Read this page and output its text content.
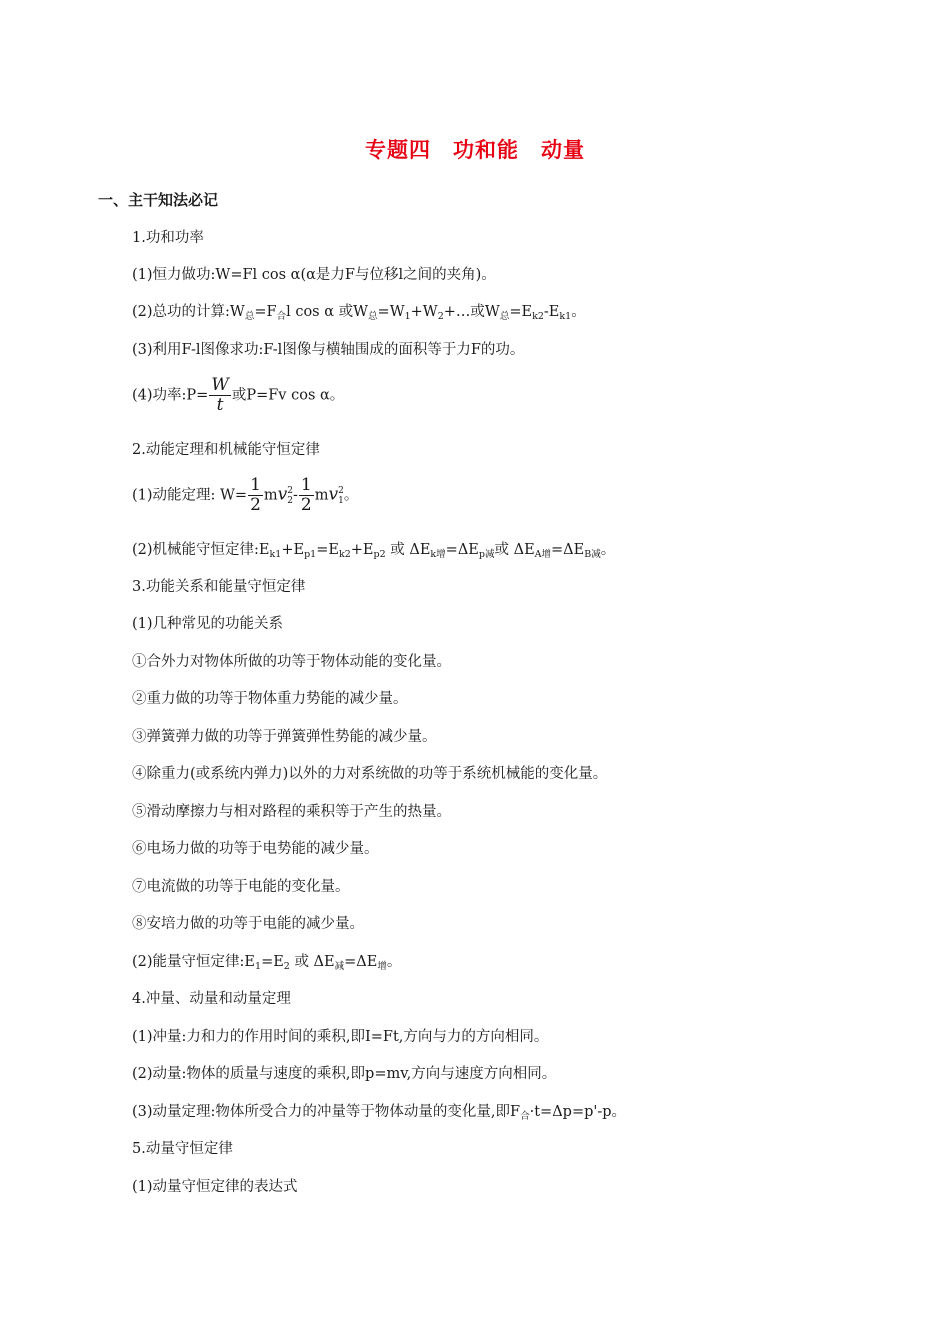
专题四 功和能 动量
一、主干知法必记
1.功和功率
(1)恒力做功:W=Fl cos α(α是力F与位移l之间的夹角)。
(2)总功的计算$:W_总=F_合l$ cos α 或$W_总=W_1+W_2+\dots$或$W_总=E_{k2}-E_{k1}$。
(3)利用F-l图像求功:F-l图像与横轴围成的面积等于力F的功。
(4)功率:P= $\frac{W}{t}$ 或P=Fv cos α。
2.动能定理和机械能守恒定律
(1)动能定理: $W= \frac{1}{2}$ mv 2
$2 - \frac{1}{2}$ mv 2
1 。
(2)机械能守恒定律$:E_{k1}+E_{p1}=E_{k2}+E_{p2}$ 或 $\Delta E_{k增}=\Delta E_{p减}$或 $\Delta E_{A增}=\Delta E_{B减}$。
3.功能关系和能量守恒定律
(1)几种常见的功能关系
①合外力对物体所做的功等于物体动能的变化量。
②重力做的功等于物体重力势能的减少量。
③弹簧弹力做的功等于弹簧弹性势能的减少量。
④除重力(或系统内弹力)以外的力对系统做的功等于系统机械能的变化量。
⑤滑动摩擦力与相对路程的乘积等于产生的热量。
⑥电场力做的功等于电势能的减少量。
⑦电流做的功等于电能的变化量。
⑧安培力做的功等于电能的减少量。
(2)能量守恒定律$:E_1=E_2$ 或 $\Delta E_减=\Delta E_增$。
4.冲量、动量和动量定理
(1)冲量:力和力的作用时间的乘积,即I=Ft,方向与力的方向相同。
(2)动量:物体的质量与速度的乘积,即p=mv,方向与速度方向相同。
(3)动量定理:物体所受合力的冲量等于物体动量的变化量,即$F_合\cdot t=\Delta p=p'-p$。
5.动量守恒定律
(1)动量守恒定律的表达式
